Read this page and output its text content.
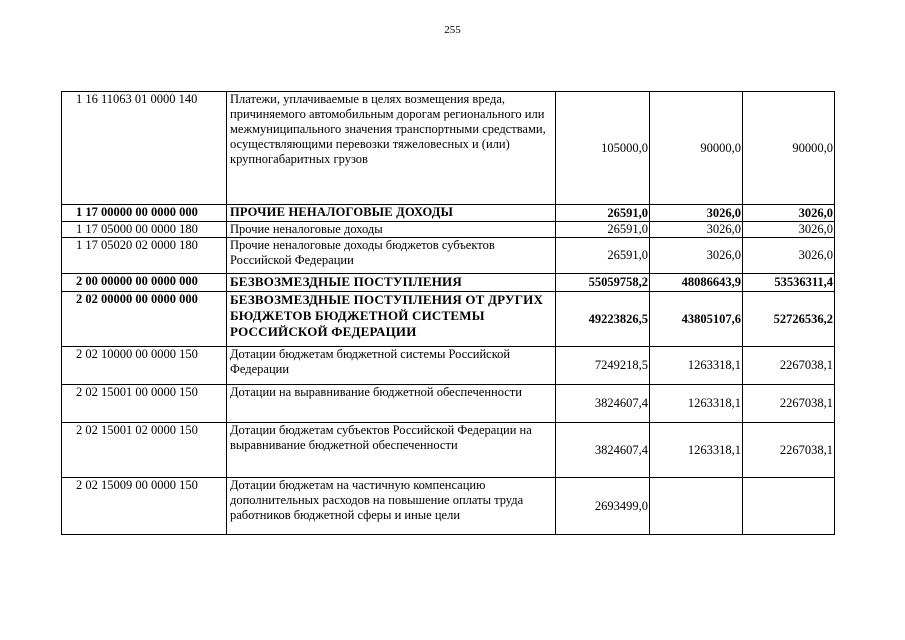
255
1 16 11063 01 0000 140	Платежи, уплачиваемые в целях возмещения вреда, причиняемого автомобильным дорогам регионального или межмуниципального значения транспортными средствами, осуществляющими перевозки тяжеловесных и (или) крупногабаритных грузов	105000,0	90000,0	90000,0
1 17 00000 00 0000 000	ПРОЧИЕ НЕНАЛОГОВЫЕ ДОХОДЫ	26591,0	3026,0	3026,0
1 17 05000 00 0000 180	Прочие неналоговые доходы	26591,0	3026,0	3026,0
1 17 05020 02 0000 180	Прочие неналоговые доходы бюджетов субъектов Российской Федерации	26591,0	3026,0	3026,0
2 00 00000 00 0000 000	БЕЗВОЗМЕЗДНЫЕ ПОСТУПЛЕНИЯ	55059758,2	48086643,9	53536311,4
2 02 00000 00 0000 000	БЕЗВОЗМЕЗДНЫЕ ПОСТУПЛЕНИЯ ОТ ДРУГИХ БЮДЖЕТОВ БЮДЖЕТНОЙ СИСТЕМЫ РОССИЙСКОЙ ФЕДЕРАЦИИ	49223826,5	43805107,6	52726536,2
2 02 10000 00 0000 150	Дотации бюджетам бюджетной системы Российской Федерации	7249218,5	1263318,1	2267038,1
2 02 15001 00 0000 150	Дотации на выравнивание бюджетной обеспеченности	3824607,4	1263318,1	2267038,1
2 02 15001 02 0000 150	Дотации бюджетам субъектов Российской Федерации на выравнивание бюджетной обеспеченности	3824607,4	1263318,1	2267038,1
2 02 15009 00 0000 150	Дотации бюджетам на частичную компенсацию дополнительных расходов на повышение оплаты труда работников бюджетной сферы и иные цели	2693499,0		
